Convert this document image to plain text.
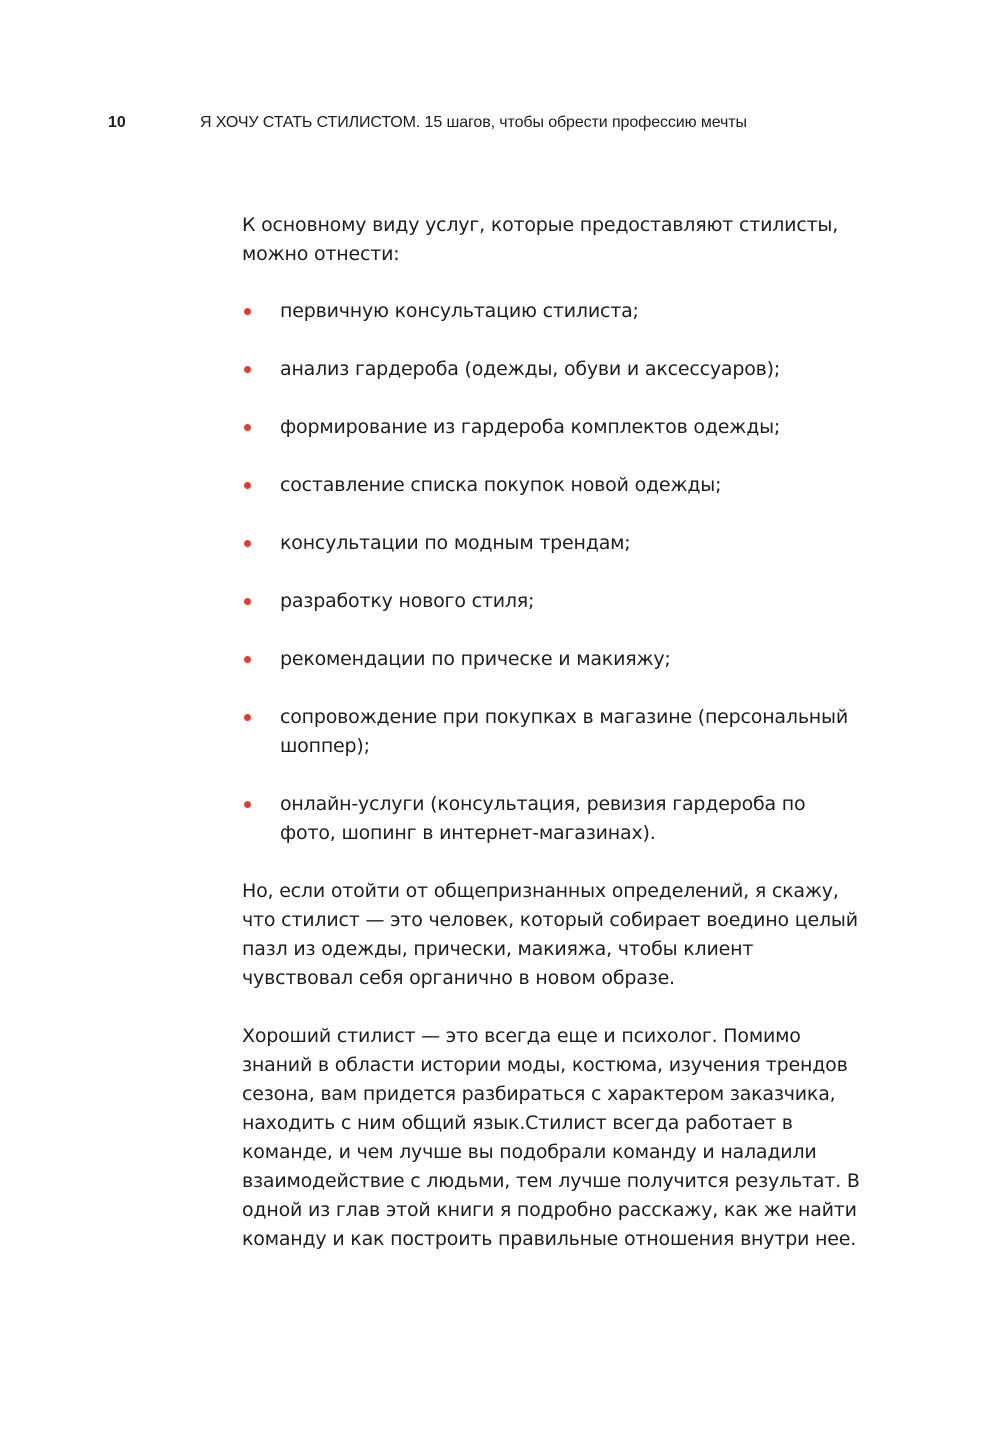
10	Я ХОЧУ СТАТЬ СТИЛИСТОМ. 15 шагов, чтобы обрести профессию мечты

К основному виду услуг, которые предоставляют стилисты, можно отнести:

первичную консультацию стилиста;
анализ гардероба (одежды, обуви и аксессуаров);
формирование из гардероба комплектов одежды;
составление списка покупок новой одежды;
консультации по модным трендам;
разработку нового стиля;
рекомендации по прическе и макияжу;
сопровождение при покупках в магазине (персональный шоппер);
онлайн-услуги (консультация, ревизия гардероба по фото, шопинг в интернет-магазинах).

Но, если отойти от общепризнанных определений, я скажу, что стилист — это человек, который собирает воедино целый пазл из одежды, прически, макияжа, чтобы клиент чувствовал себя органично в новом образе.

Хороший стилист — это всегда еще и психолог. Помимо знаний в области истории моды, костюма, изучения трендов сезона, вам придется разбираться с характером заказчика, находить с ним общий язык.Стилист всегда работает в команде, и чем лучше вы подобрали команду и наладили взаимодействие с людьми, тем лучше получится результат. В одной из глав этой книги я подробно расскажу, как же найти команду и как построить правильные отношения внутри нее.
